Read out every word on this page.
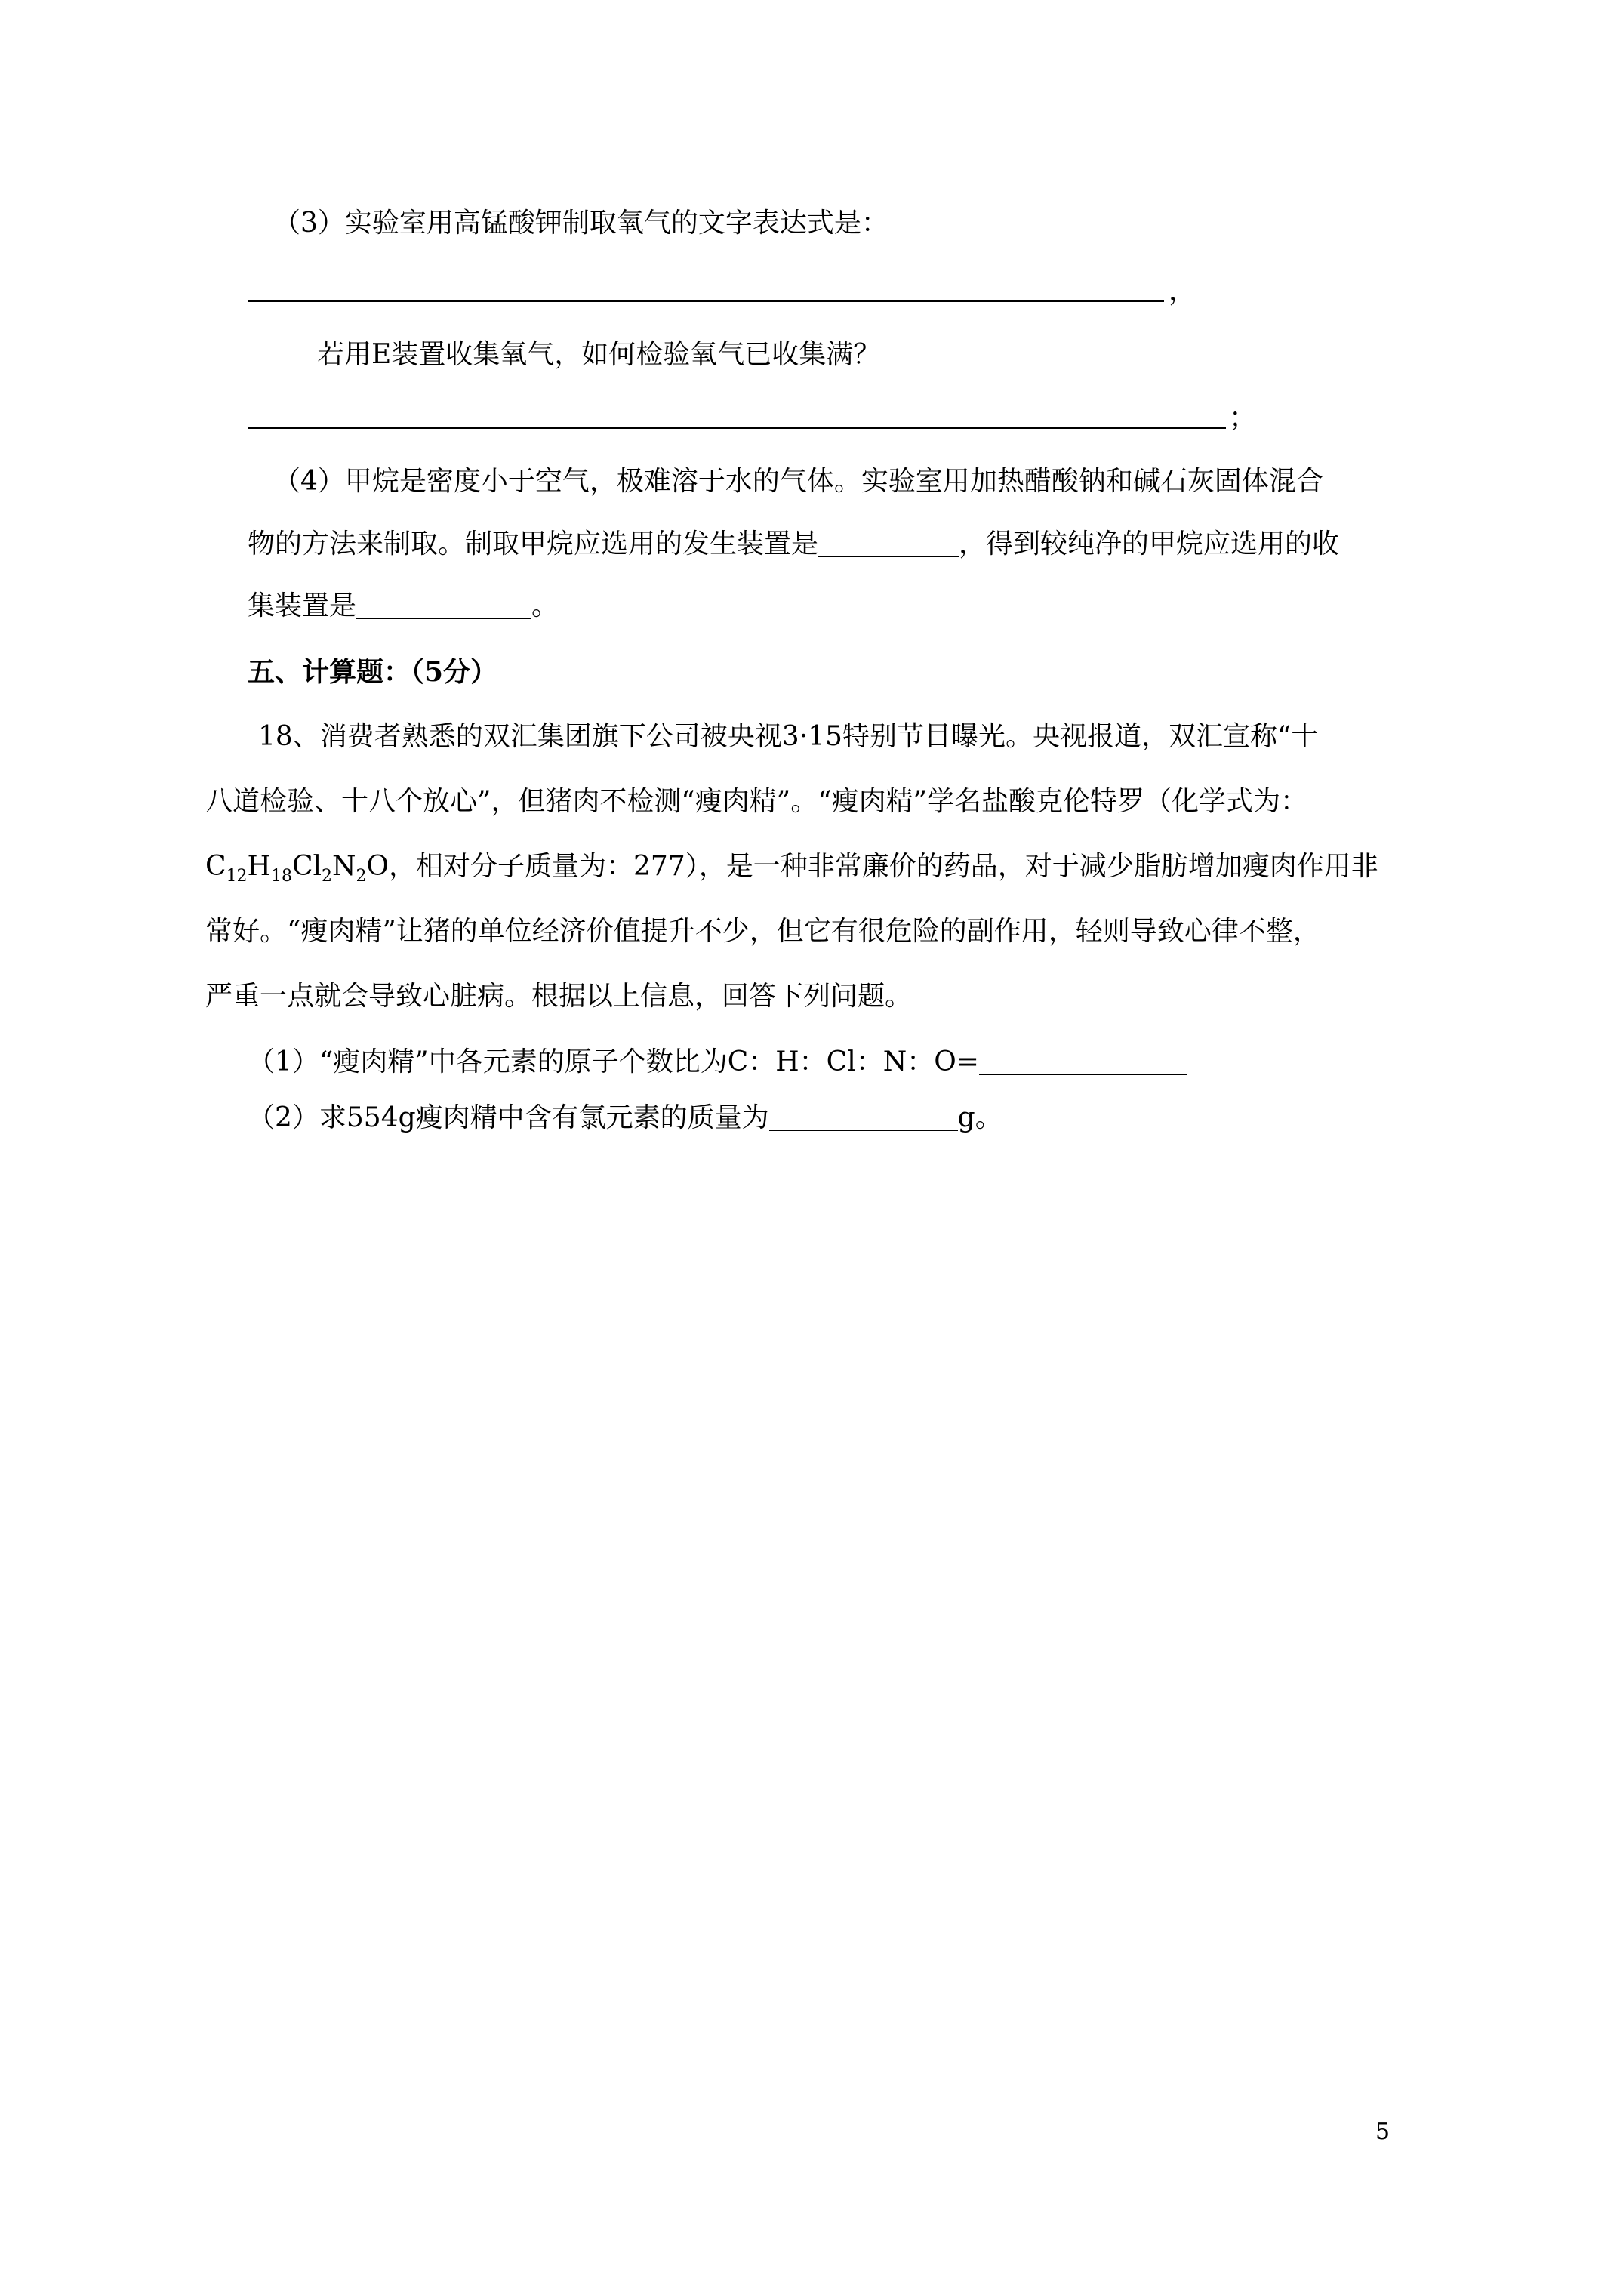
（3）实验室用高锰酸钾制取氧气的文字表达式是：
，
若用E装置收集氧气，如何检验氧气已收集满？
；
（4）甲烷是密度小于空气，极难溶于水的气体。实验室用加热醋酸钠和碱石灰固体混合
物的方法来制取。制取甲烷应选用的发生装置是	，得到较纯净的甲烷应选用的收
集装置是	。
五、计算题：（5分）
18、消费者熟悉的双汇集团旗下公司被央视3·15特别节目曝光。央视报道，双汇宣称“十
八道检验、十八个放心”，但猪肉不检测“瘦肉精”。“瘦肉精”学名盐酸克伦特罗（化学式为：
$C_{12}H_{18}Cl_2N_2O$，相对分子质量为：277），是一种非常廉价的药品，对于减少脂肪增加瘦肉作用非
常好。“瘦肉精”让猪的单位经济价值提升不少，但它有很危险的副作用，轻则导致心律不整，
严重一点就会导致心脏病。根据以上信息，回答下列问题。
（1）“瘦肉精”中各元素的原子个数比为C：H：Cl：N：O=
（2）求554g瘦肉精中含有氯元素的质量为	g。
5
